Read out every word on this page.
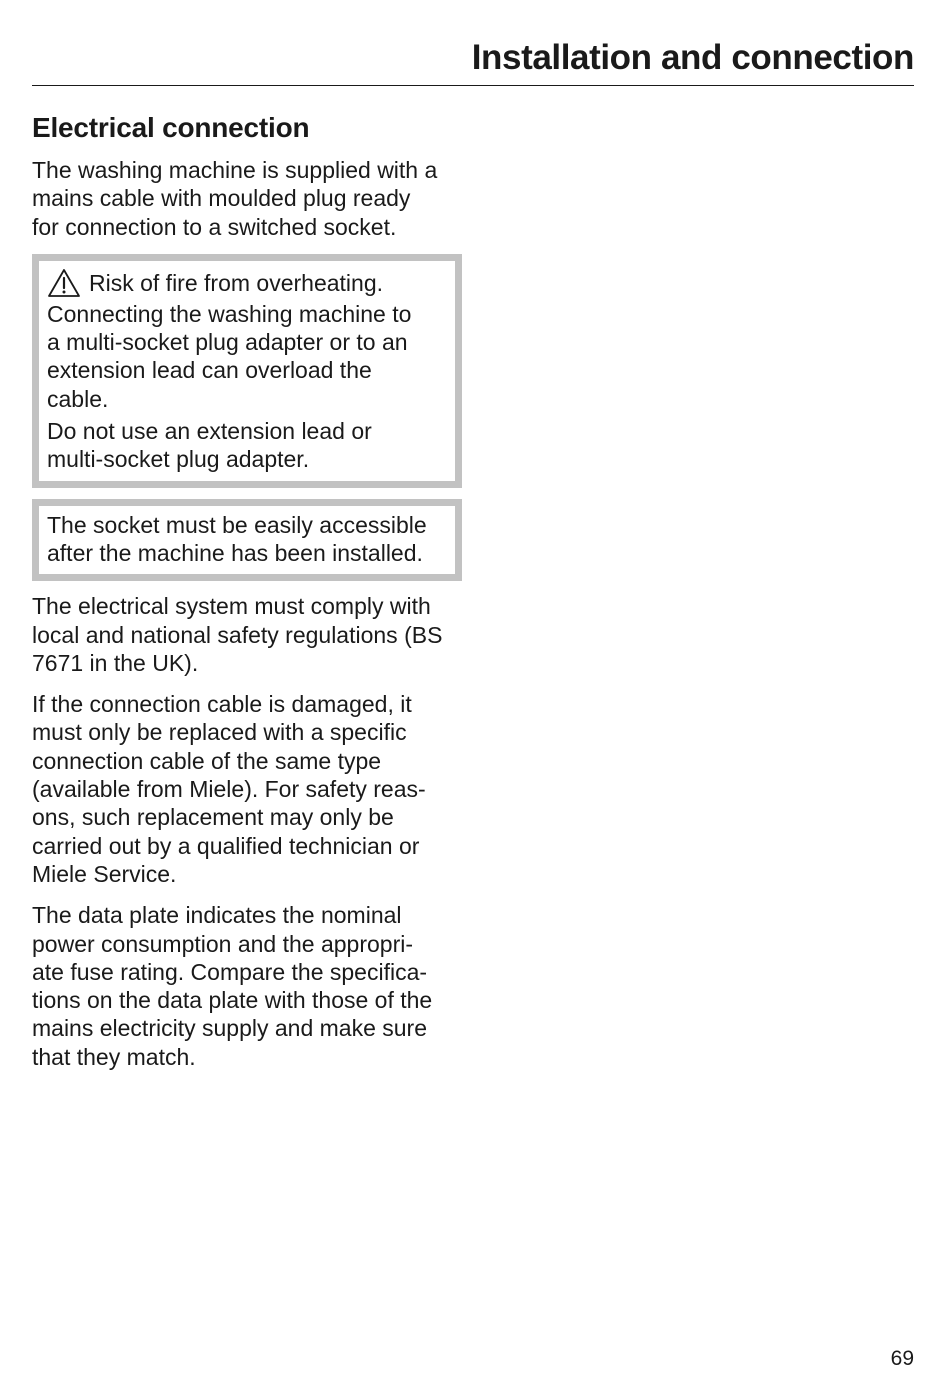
Installation and connection
Electrical connection

The washing machine is supplied with a
mains cable with moulded plug ready
for connection to a switched socket.

Risk of fire from overheating.
Connecting the washing machine to
a multi-socket plug adapter or to an
extension lead can overload the
cable.
Do not use an extension lead or
multi-socket plug adapter.
The socket must be easily accessible
after the machine has been installed.

The electrical system must comply with
local and national safety regulations (BS
7671 in the UK).

If the connection cable is damaged, it
must only be replaced with a specific
connection cable of the same type
(available from Miele). For safety reas-
ons, such replacement may only be
carried out by a qualified technician or
Miele Service.

The data plate indicates the nominal
power consumption and the appropri-
ate fuse rating. Compare the specifica-
tions on the data plate with those of the
mains electricity supply and make sure
that they match.

69
